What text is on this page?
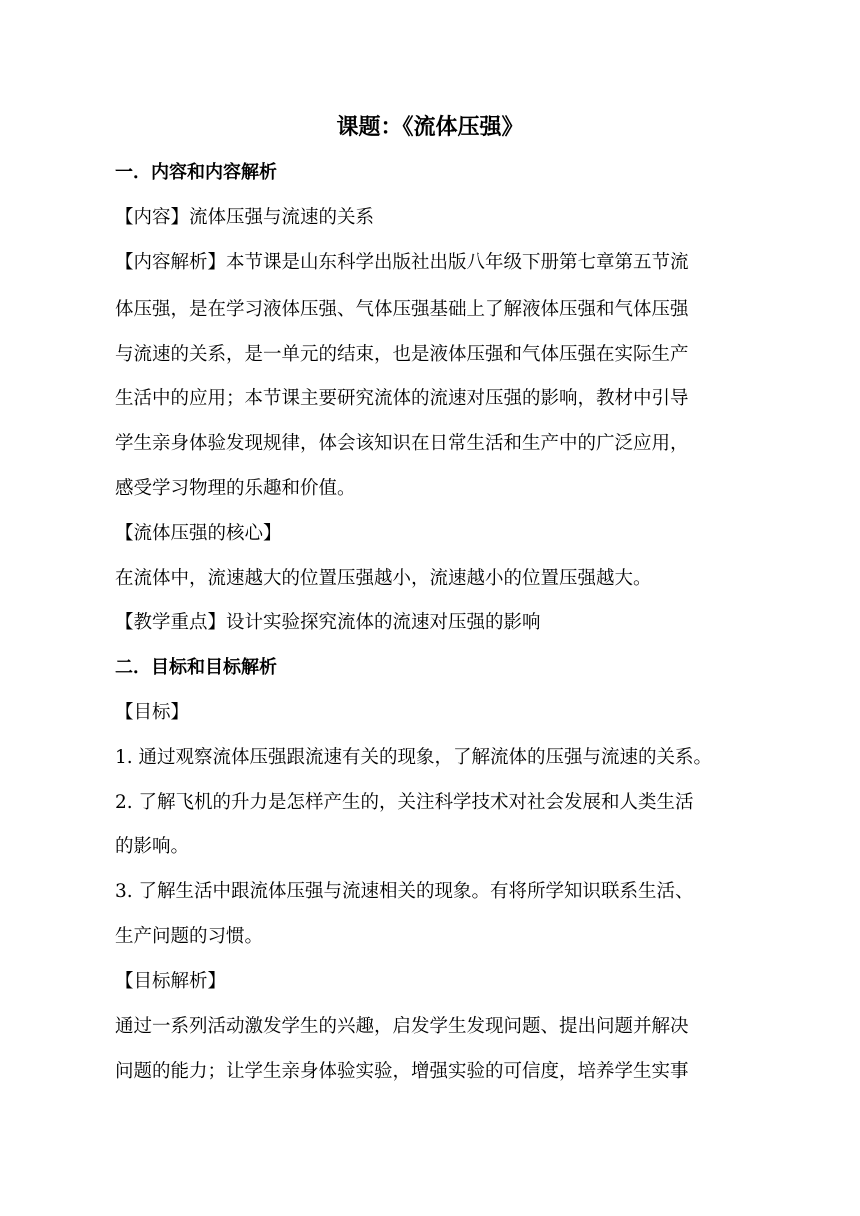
课题：《流体压强》
一．内容和内容解析
【内容】流体压强与流速的关系
【内容解析】本节课是山东科学出版社出版八年级下册第七章第五节流
体压强，是在学习液体压强、气体压强基础上了解液体压强和气体压强
与流速的关系，是一单元的结束，也是液体压强和气体压强在实际生产
生活中的应用；本节课主要研究流体的流速对压强的影响，教材中引导
学生亲身体验发现规律，体会该知识在日常生活和生产中的广泛应用，
感受学习物理的乐趣和价值。
【流体压强的核心】
在流体中，流速越大的位置压强越小，流速越小的位置压强越大。
【教学重点】设计实验探究流体的流速对压强的影响
二．目标和目标解析
【目标】
1. 通过观察流体压强跟流速有关的现象，了解流体的压强与流速的关系。
2. 了解飞机的升力是怎样产生的，关注科学技术对社会发展和人类生活
的影响。
3. 了解生活中跟流体压强与流速相关的现象。有将所学知识联系生活、
生产问题的习惯。
【目标解析】
通过一系列活动激发学生的兴趣，启发学生发现问题、提出问题并解决
问题的能力；让学生亲身体验实验，增强实验的可信度，培养学生实事
